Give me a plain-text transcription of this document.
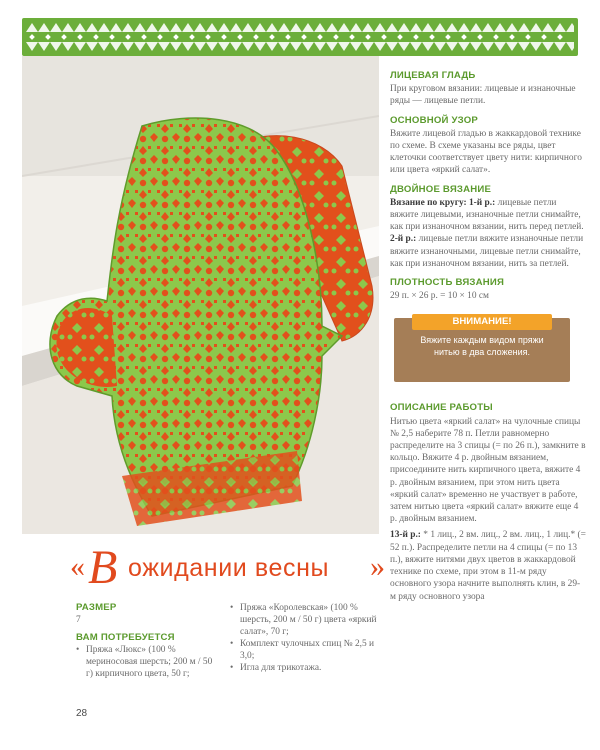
ЛИЦЕВАЯ ГЛАДЬ
При круговом вязании: лицевые и изнаночные ряды — лицевые петли.
ОСНОВНОЙ УЗОР
Вяжите лицевой гладью в жаккардовой технике по схеме. В схеме указаны все ряды, цвет клеточки соответствует цвету нити: кирпичного или цвета «яркий салат».
ДВОЙНОЕ ВЯЗАНИЕ
Вязание по кругу: 1-й р.: лицевые петли вяжите лицевыми, изнаночные петли снимайте, как при изнаночном вязании, нить перед петлей. 2-й р.: лицевые петли вяжите изнаночные петли вяжите изнаночными, лицевые петли снимайте, как при изнаночном вязании, нить за петлей.
ПЛОТНОСТЬ ВЯЗАНИЯ
29 п. × 26 р. = 10 × 10 см
ВНИМАНИЕ!
Вяжите каждым видом пряжи нитью в два сложения.
ОПИСАНИЕ РАБОТЫ
Нитью цвета «яркий салат» на чулочные спицы № 2,5 наберите 78 п. Петли равномерно распределите на 3 спицы (= по 26 п.), замкните в кольцо. Вяжите 4 р. двойным вязанием, присоедините нить кирпичного цвета, вяжите 4 р. двойным вязанием, при этом нить цвета «яркий салат» временно не участвует в работе, затем нитью цвета «яркий салат» вяжите еще 4 р. двойным вязанием.
13-й р.: * 1 лиц., 2 вм. лиц., 2 вм. лиц., 1 лиц.* (= 52 п.). Распределите петли на 4 спицы (= по 13 п.), вяжите нитями двух цветов в жаккардовой технике по схеме, при этом в 11-м ряду основного узора начните выполнять клин, в 29-м ряду основного узора
« В ожидании весны »
РАЗМЕР
7
ВАМ ПОТРЕБУЕТСЯ
• Пряжа «Люкс» (100 % мериносовая шерсть; 200 м / 50 г) кирпичного цвета, 50 г;
• Пряжа «Королевская» (100 % шерсть, 200 м / 50 г) цвета «яркий салат», 70 г;
• Комплект чулочных спиц № 2,5 и 3,0;
• Игла для трикотажа.
28
